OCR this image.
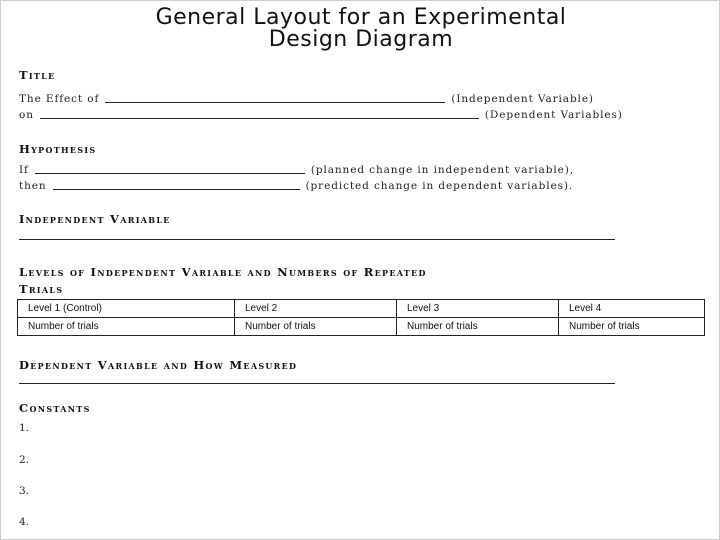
General Layout for an Experimental
Design Diagram
Title
The Effect of	(Independent Variable)
on	(Dependent Variables)
Hypothesis
If	(planned change in independent variable),
then	(predicted change in dependent variables).
Independent Variable
Levels of Independent Variable and Numbers of Repeated
Trials
Level 1 (Control)	Level 2	Level 3	Level 4
Number of trials	Number of trials	Number of trials	Number of trials
Dependent Variable and How Measured
Constants
1.
2.
3.
4.
